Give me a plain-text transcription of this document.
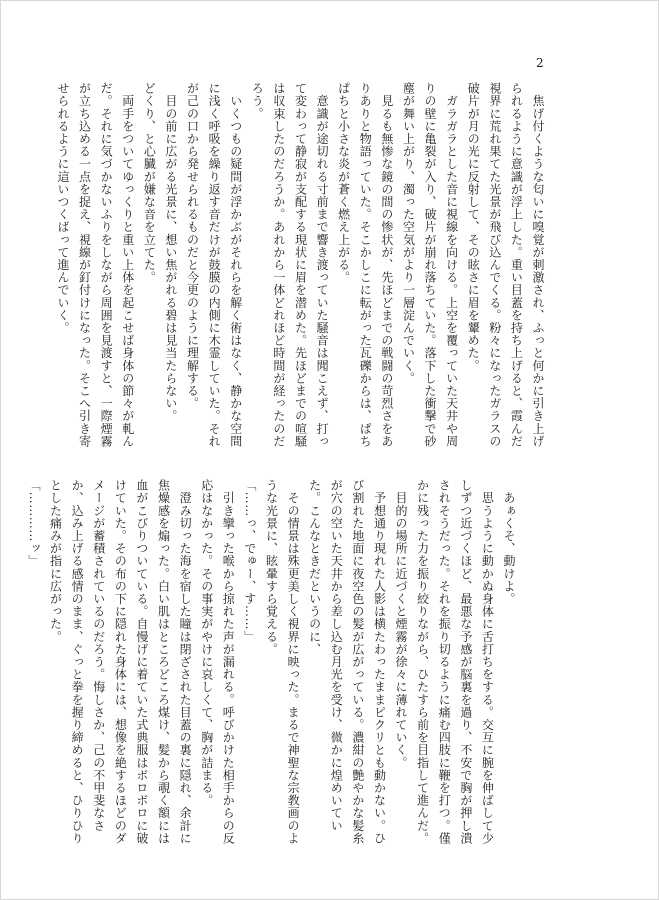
2

　焦げ付くような匂いに嗅覚が刺激され、ふっと何かに引き上げ

られるように意識が浮上した。重い目蓋を持ち上げると、霞んだ

視界に荒れ果てた光景が飛び込んでくる。粉々になったガラスの

破片が月の光に反射して、その眩さに眉を顰めた。

　ガラガラとした音に視線を向ける。上空を覆っていた天井や周

りの壁に亀裂が入り、破片が崩れ落ちていた。落下した衝撃で砂

塵が舞い上がり、濁った空気がより一層淀んでいく。

　見るも無惨な鏡の間の惨状が、先ほどまでの戦闘の苛烈さをあ

りありと物語っていた。そこかしこに転がった瓦礫からは、ぱち

ぱちと小さな炎が蒼く燃え上がる。

　意識が途切れる寸前まで響き渡っていた騒音は聞こえず、打っ

て変わって静寂が支配する現状に眉を潜めた。先ほどまでの喧騒

は収束したのだろうか。あれから一体どれほど時間が経ったのだ

ろう。

　いくつもの疑問が浮かぶがそれらを解く術はなく、静かな空間

に浅く呼吸を繰り返す音だけが鼓膜の内側に木霊していた。それ

が己の口から発せられるものだと今更のように理解する。

　目の前に広がる光景に、想い焦がれる碧は見当たらない。

どくり、と心臓が嫌な音を立てた。

　両手をついてゆっくりと重い上体を起こせば身体の節々が軋ん

だ。それに気づかないふりをしながら周囲を見渡すと、一際煙霧

が立ち込める一点を捉え、視線が釘付けになった。そこへ引き寄

せられるように這いつくばって進んでいく。

　あぁくそ、動けよ。

　思うように動かぬ身体に舌打ちをする。交互に腕を伸ばして少

しずつ近づくほど、最悪な予感が脳裏を過り、不安で胸が押し潰

されそうだった。それを振り切るように痛む四肢に鞭を打つ。僅

かに残った力を振り絞りながら、ひたすら前を目指して進んだ。

　目的の場所に近づくと煙霧が徐々に薄れていく。

　予想通り現れた人影は横たわったままピクリとも動かない。ひ

び割れた地面に夜空色の髪が広がっている。濃紺の艶やかな髪糸

が穴の空いた天井から差し込む月光を受け、微かに煌めいてい

た。こんなときだというのに、

　その情景は殊更美しく視界に映った。まるで神聖な宗教画のよ

うな光景に、眩暈すら覚える。

「……っ、でゅー、す……」

　引き攣った喉から掠れた声が漏れる。呼びかけた相手からの反

応はなかった。その事実がやけに哀しくて、胸が詰まる。

　澄み切った海を宿した瞳は閉ざされた目蓋の裏に隠れ、余計に

焦燥感を煽った。白い肌はところどころ煤け、髪から覗く額には

血がこびりついている。自慢げに着ていた式典服はボロボロに破

けていた。その布の下に隠れた身体には、想像を絶するほどのダ

メージが蓄積されているのだろう。悔しさか、己の不甲斐なさ

か、込み上げる感情のまま、ぐっと拳を握り締めると、ひりひり

とした痛みが指に広がった。

「…………ッ」
